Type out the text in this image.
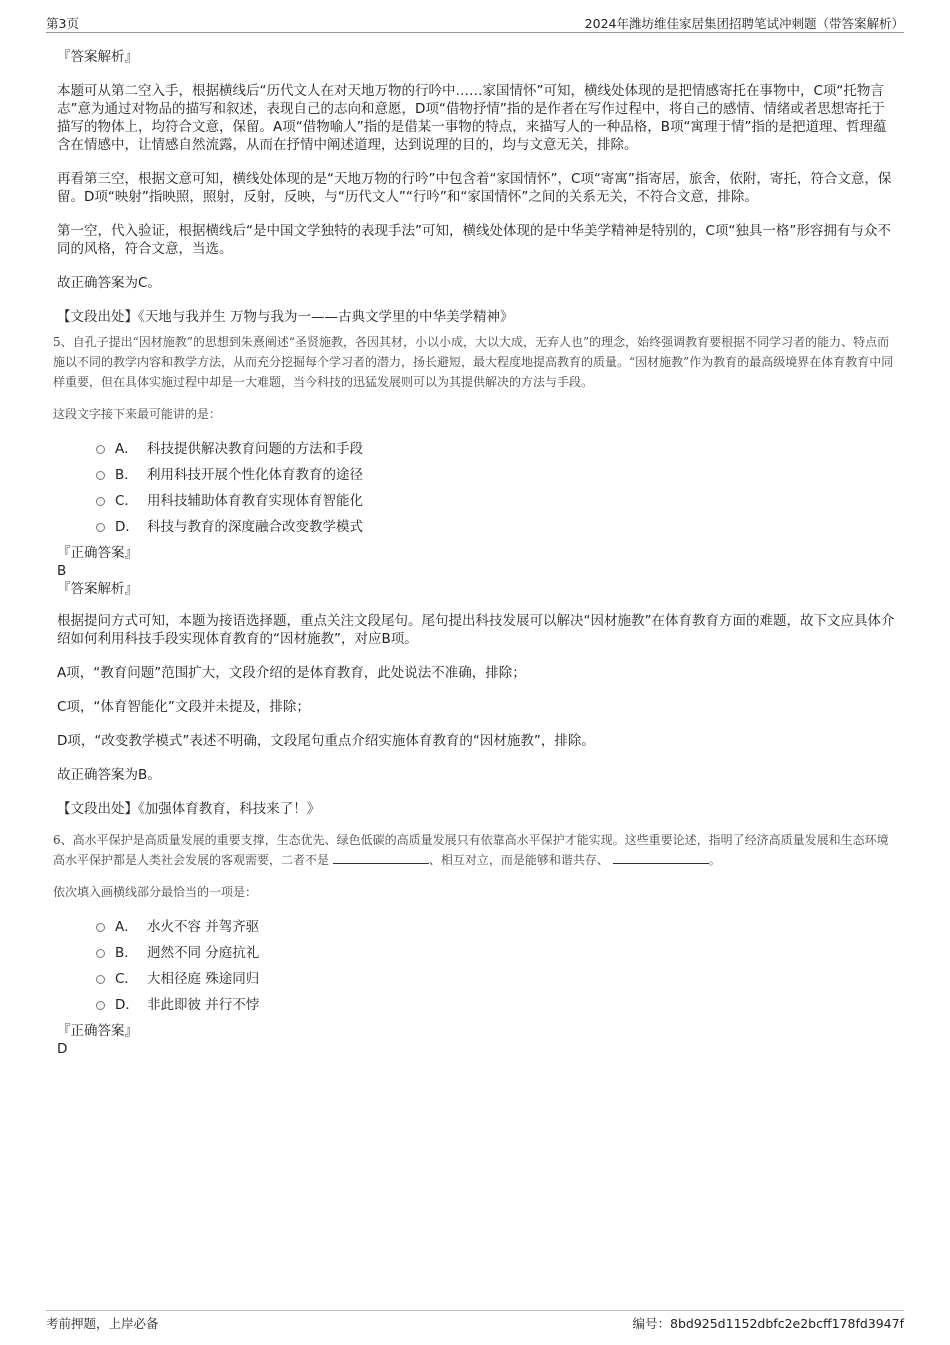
第3页	2024年潍坊维佳家居集团招聘笔试冲刺题（带答案解析）
『答案解析』

本题可从第二空入手，根据横线后“历代文人在对天地万物的行吟中……家国情怀”可知，横线处体现的是把情感寄托在事物中，C项“托物言志”意为通过对物品的描写和叙述，表现自己的志向和意愿，D项“借物抒情”指的是作者在写作过程中，将自己的感情、情绪或者思想寄托于描写的物体上，均符合文意，保留。A项“借物喻人”指的是借某一事物的特点，来描写人的一种品格，B项“寓理于情”指的是把道理、哲理蕴含在情感中，让情感自然流露，从而在抒情中阐述道理，达到说理的目的，均与文意无关，排除。

再看第三空，根据文意可知，横线处体现的是“天地万物的行吟”中包含着“家国情怀”，C项“寄寓”指寄居，旅舍，依附，寄托，符合文意，保留。D项“映射”指映照，照射，反射，反映，与“历代文人”“行吟”和“家国情怀”之间的关系无关，不符合文意，排除。

第一空，代入验证，根据横线后“是中国文学独特的表现手法”可知，横线处体现的是中华美学精神是特别的，C项“独具一格”形容拥有与众不同的风格，符合文意，当选。

故正确答案为C。

【文段出处】《天地与我并生 万物与我为一——古典文学里的中华美学精神》

5、自孔子提出“因材施教”的思想到朱熹阐述“圣贤施教，各因其材，小以小成，大以大成，无弃人也”的理念，始终强调教育要根据不同学习者的能力、特点而施以不同的教学内容和教学方法，从而充分挖掘每个学习者的潜力，扬长避短，最大程度地提高教育的质量。“因材施教”作为教育的最高级境界在体育教育中同样重要，但在具体实施过程中却是一大难题，当今科技的迅猛发展则可以为其提供解决的方法与手段。

这段文字接下来最可能讲的是：
A． 科技提供解决教育问题的方法和手段
B． 利用科技开展个性化体育教育的途径
C． 用科技辅助体育教育实现体育智能化
D． 科技与教育的深度融合改变教学模式
『正确答案』
B
『答案解析』

根据提问方式可知，本题为接语选择题，重点关注文段尾句。尾句提出科技发展可以解决“因材施教”在体育教育方面的难题，故下文应具体介绍如何利用科技手段实现体育教育的“因材施教”，对应B项。

A项，“教育问题”范围扩大，文段介绍的是体育教育，此处说法不准确，排除；

C项，“体育智能化”文段并未提及，排除；

D项，“改变教学模式”表述不明确，文段尾句重点介绍实施体育教育的“因材施教”，排除。

故正确答案为B。

【文段出处】《加强体育教育，科技来了！》

6、高水平保护是高质量发展的重要支撑，生态优先、绿色低碳的高质量发展只有依靠高水平保护才能实现。这些重要论述，指明了经济高质量发展和生态环境高水平保护都是人类社会发展的客观需要，二者不是	、相互对立，而是能够和谐共存、	。

依次填入画横线部分最恰当的一项是：
A． 水火不容 并驾齐驱
B． 迥然不同 分庭抗礼
C． 大相径庭 殊途同归
D． 非此即彼 并行不悖
『正确答案』
D
考前押题，上岸必备	编号：8bd925d1152dbfc2e2bcff178fd3947f
